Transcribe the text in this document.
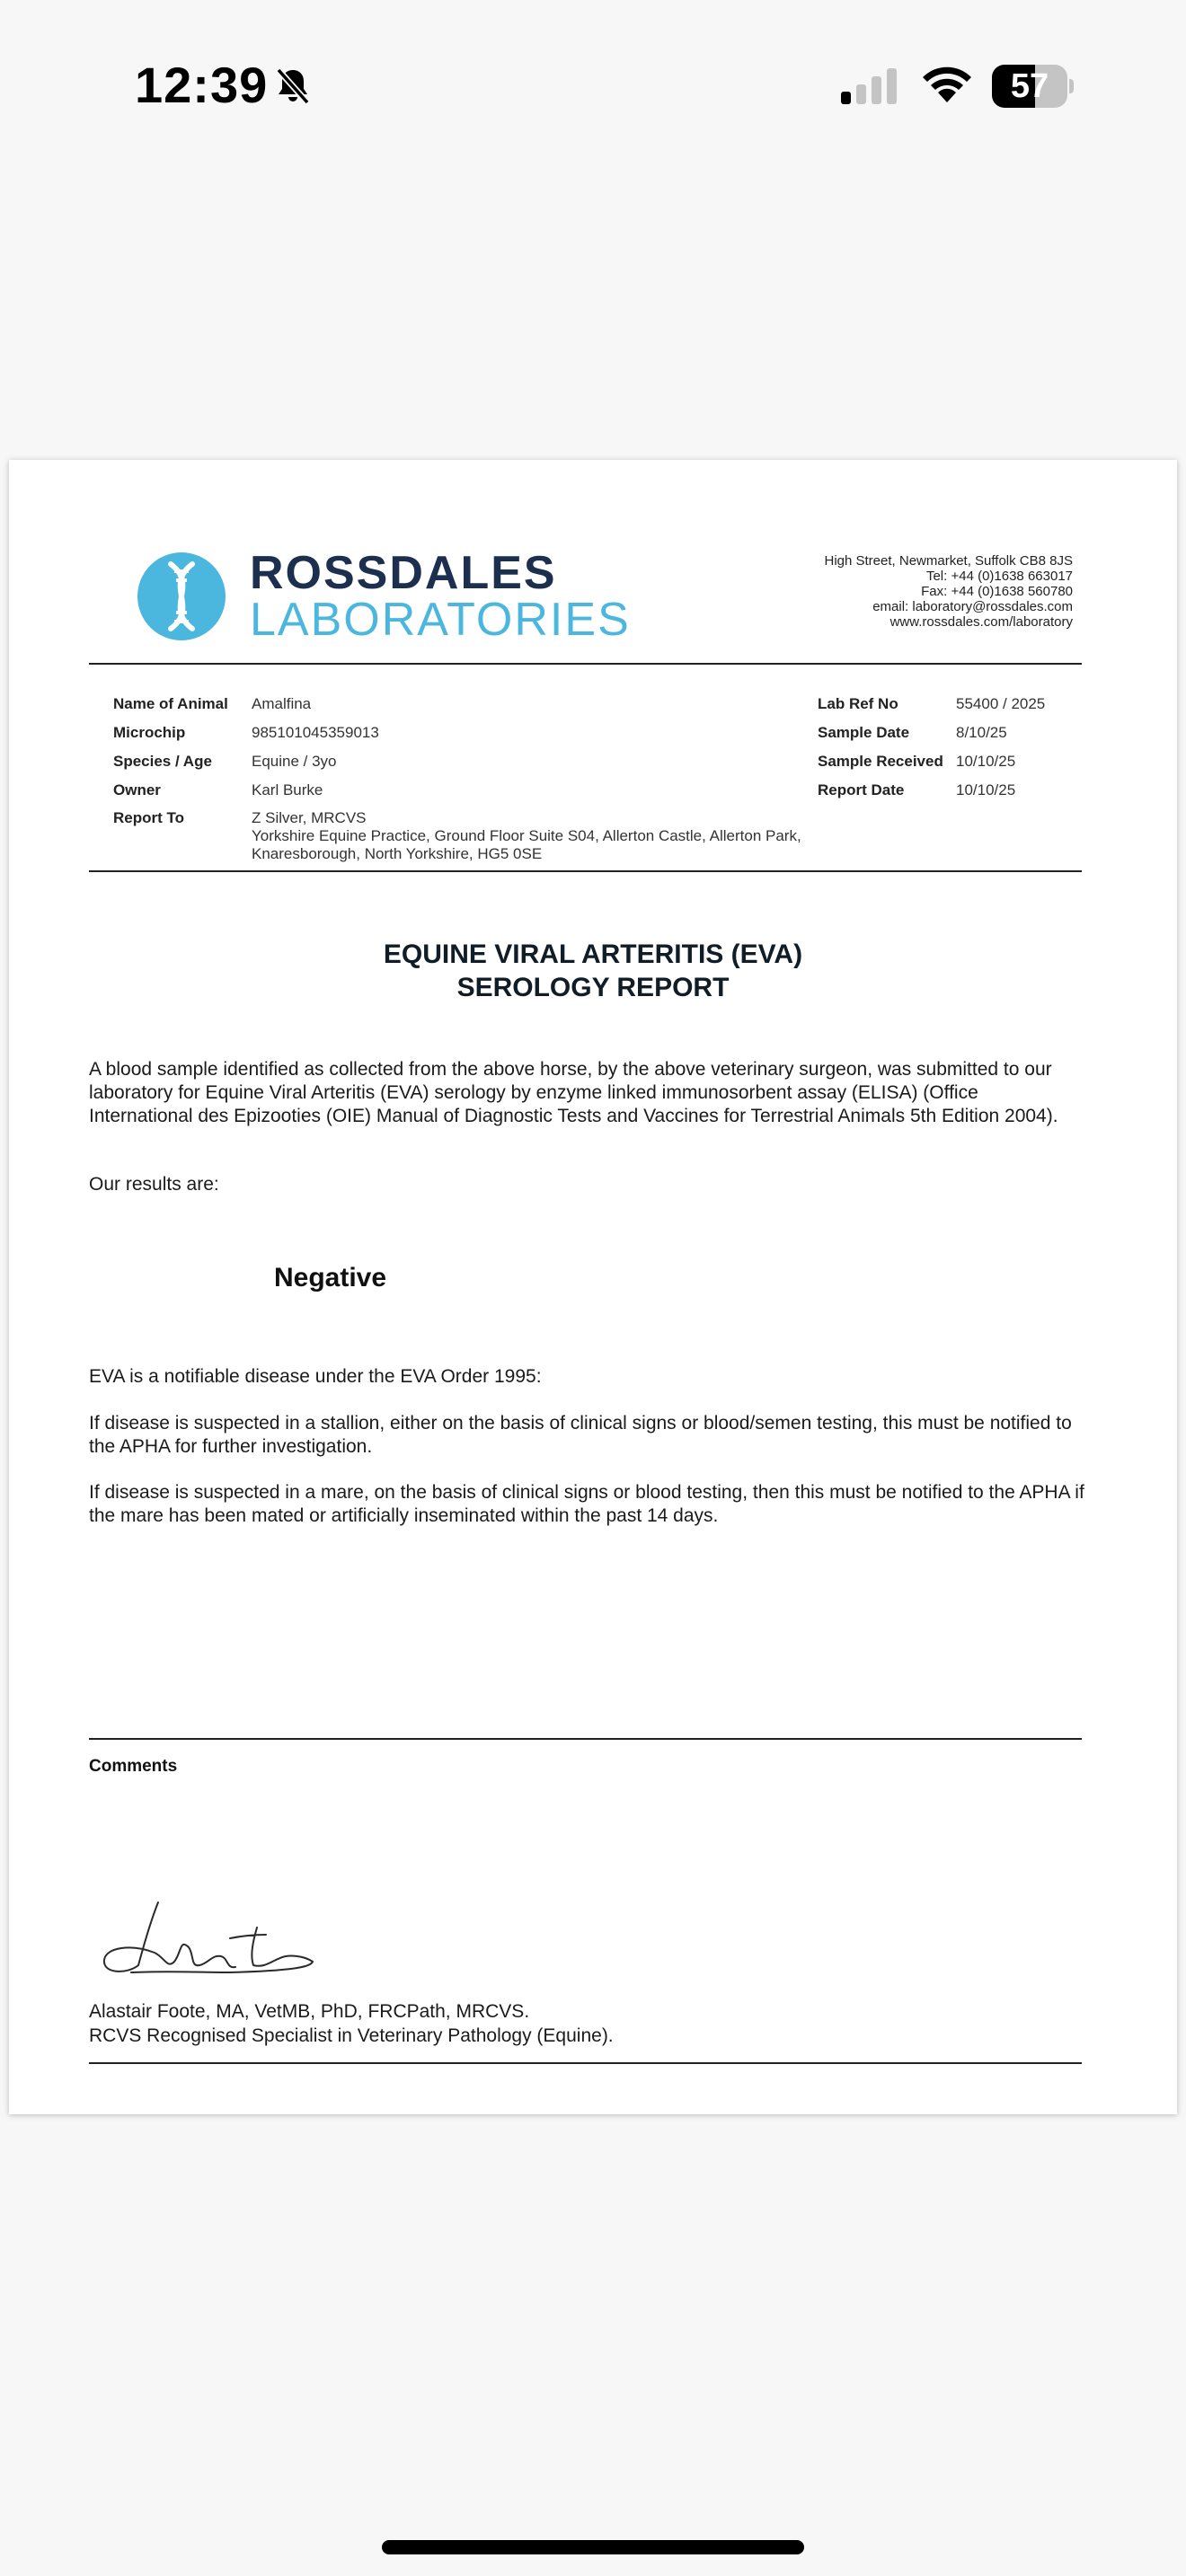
12:39	57
ROSSDALES
LABORATORIES
High Street, Newmarket, Suffolk CB8 8JS
Tel: +44 (0)1638 663017
Fax: +44 (0)1638 560780
email: laboratory@rossdales.com
www.rossdales.com/laboratory
Name of Animal Amalfina
Microchip	985101045359013
Species / Age	Equine / 3yo
Owner	Karl Burke
Report To	Z Silver, MRCVS
Yorkshire Equine Practice, Ground Floor Suite S04, Allerton Castle, Allerton Park,
Knaresborough, North Yorkshire, HG5 0SE
Lab Ref No	55400 / 2025
Sample Date	8/10/25
Sample Received 10/10/25
Report Date	10/10/25
EQUINE VIRAL ARTERITIS (EVA)
SEROLOGY REPORT
A blood sample identified as collected from the above horse, by the above veterinary surgeon, was submitted to our laboratory for Equine Viral Arteritis (EVA) serology by enzyme linked immunosorbent assay (ELISA) (Office International des Epizooties (OIE) Manual of Diagnostic Tests and Vaccines for Terrestrial Animals 5th Edition 2004).
Our results are:
Negative
EVA is a notifiable disease under the EVA Order 1995:
If disease is suspected in a stallion, either on the basis of clinical signs or blood/semen testing, this must be notified to the APHA for further investigation.
If disease is suspected in a mare, on the basis of clinical signs or blood testing, then this must be notified to the APHA if the mare has been mated or artificially inseminated within the past 14 days.
Comments
Alastair Foote, MA, VetMB, PhD, FRCPath, MRCVS.
RCVS Recognised Specialist in Veterinary Pathology (Equine).
